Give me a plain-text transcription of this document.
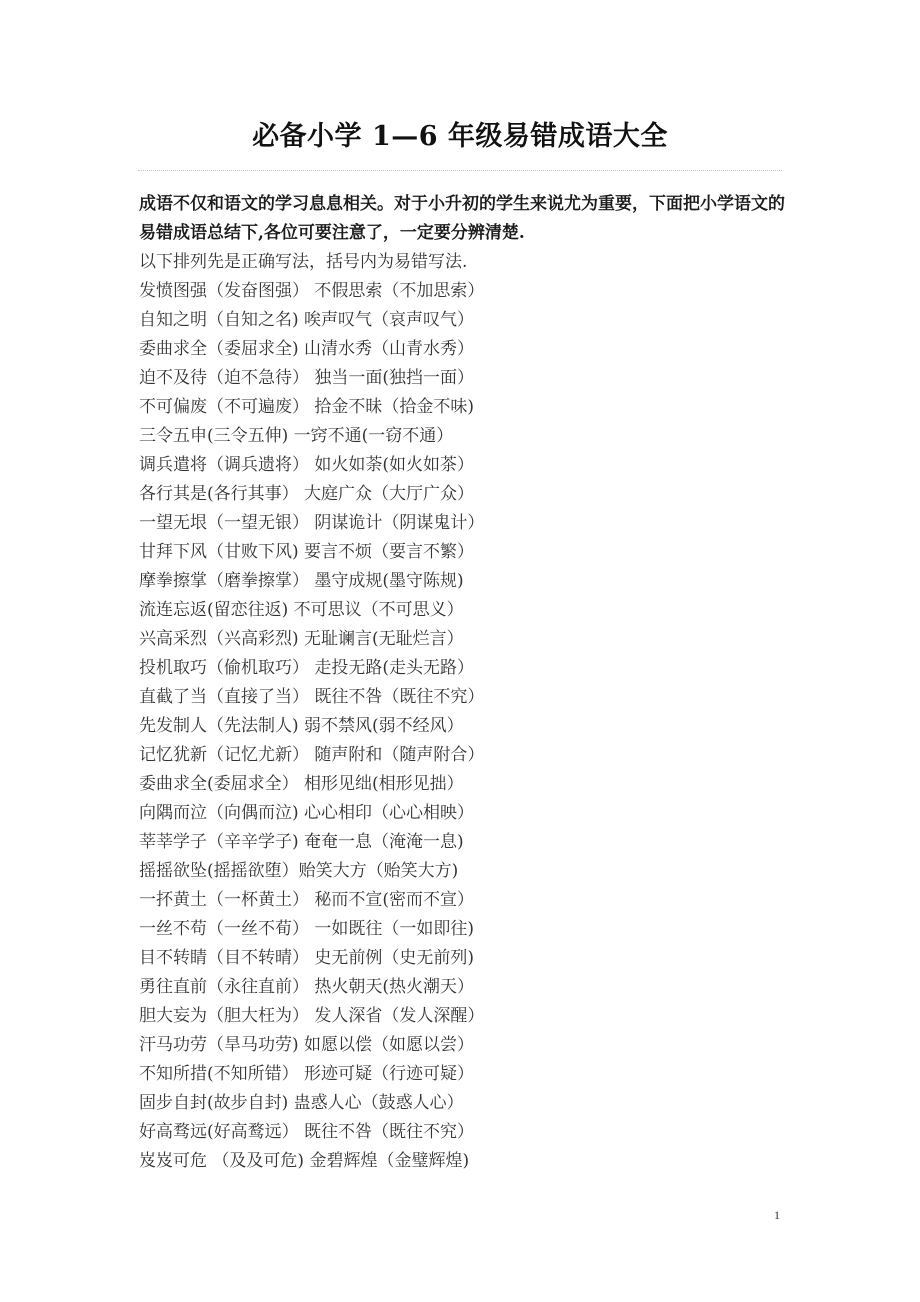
必备小学 1—6 年级易错成语大全
成语不仅和语文的学习息息相关。对于小升初的学生来说尤为重要，下面把小学语文的易错成语总结下,各位可要注意了，一定要分辨清楚.
以下排列先是正确写法，括号内为易错写法.
发愤图强（发奋图强） 不假思索（不加思索）
自知之明（自知之名) 唉声叹气（哀声叹气）
委曲求全（委屈求全) 山清水秀（山青水秀）
迫不及待（迫不急待） 独当一面(独挡一面）
不可偏废（不可遍废） 拾金不昧（拾金不味)
三令五申(三令五伸) 一窍不通(一窃不通）
调兵遣将（调兵遗将） 如火如荼(如火如茶）
各行其是(各行其事） 大庭广众（大厅广众）
一望无垠（一望无银） 阴谋诡计（阴谋鬼计）
甘拜下风（甘败下风) 要言不烦（要言不繁）
摩拳擦掌（磨拳擦掌） 墨守成规(墨守陈规)
流连忘返(留恋往返) 不可思议（不可思义）
兴高采烈（兴高彩烈) 无耻谰言(无耻烂言）
投机取巧（偷机取巧） 走投无路(走头无路）
直截了当（直接了当） 既往不咎（既往不究）
先发制人（先法制人) 弱不禁风(弱不经风）
记忆犹新（记忆尤新） 随声附和（随声附合）
委曲求全(委屈求全） 相形见绌(相形见拙）
向隅而泣（向偶而泣) 心心相印（心心相映）
莘莘学子（辛辛学子) 奄奄一息（淹淹一息)
摇摇欲坠(摇摇欲堕）贻笑大方（贻笑大方)
一抔黄土（一杯黄土） 秘而不宣(密而不宣）
一丝不苟（一丝不荀） 一如既往（一如即往)
目不转睛（目不转晴） 史无前例（史无前列)
勇往直前（永往直前） 热火朝天(热火潮天）
胆大妄为（胆大枉为） 发人深省（发人深醒）
汗马功劳（旱马功劳) 如愿以偿（如愿以尝）
不知所措(不知所错） 形迹可疑（行迹可疑）
固步自封(故步自封) 蛊惑人心（鼓惑人心）
好高骛远(好高鹜远） 既往不咎（既往不究）
岌岌可危 （及及可危) 金碧辉煌（金璧辉煌)
1
